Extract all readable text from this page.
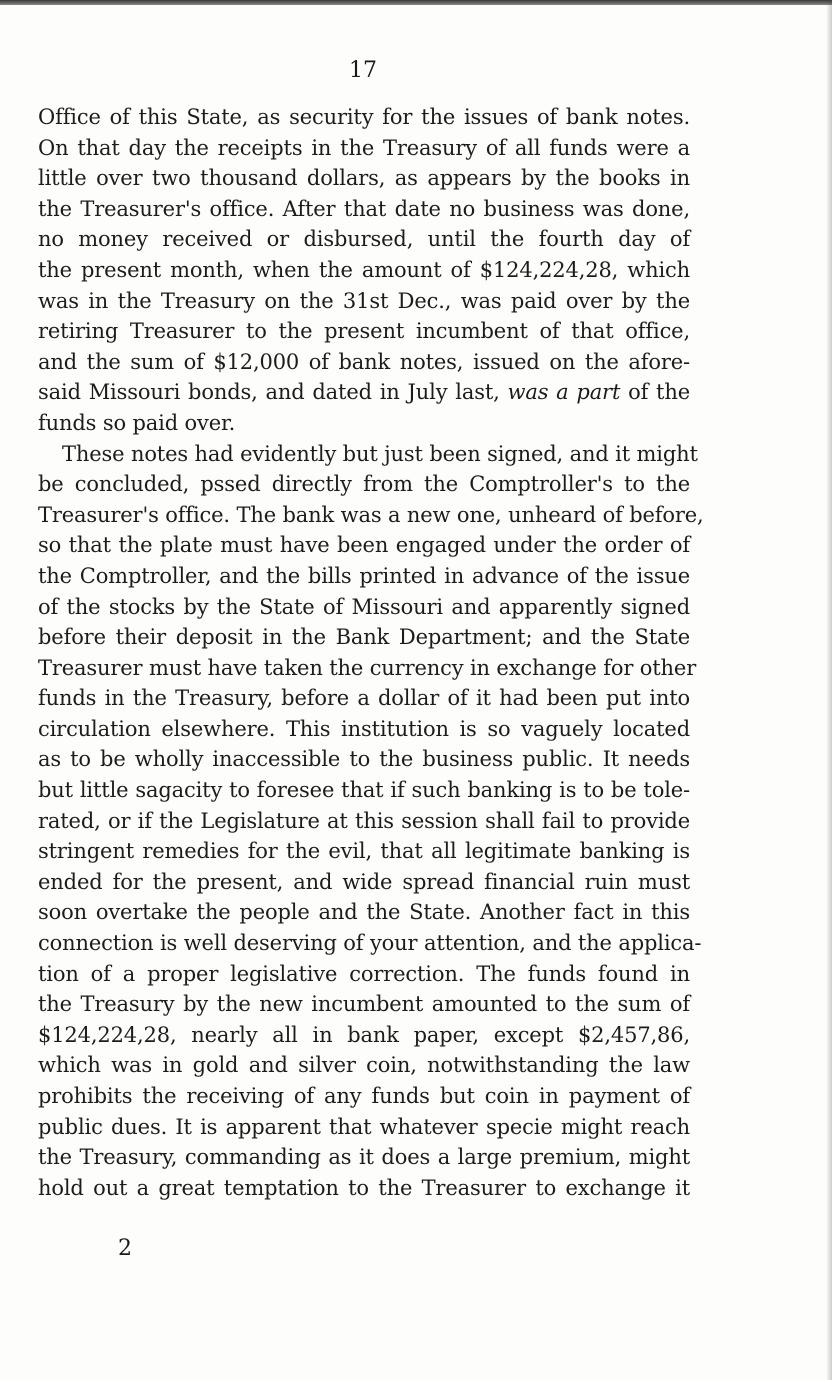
17
Office of this State, as security for the issues of bank notes.
On that day the receipts in the Treasury of all funds were a
little over two thousand dollars, as appears by the books in
the Treasurer's office. After that date no business was done,
no money received or disbursed, until the fourth day of
the present month, when the amount of $124,224,28, which
was in the Treasury on the 31st Dec., was paid over by the
retiring Treasurer to the present incumbent of that office,
and the sum of $12,000 of bank notes, issued on the afore-
said Missouri bonds, and dated in July last, was a part of the
funds so paid over.
These notes had evidently but just been signed, and it might
be concluded, pssed directly from the Comptroller's to the
Treasurer's office. The bank was a new one, unheard of before,
so that the plate must have been engaged under the order of
the Comptroller, and the bills printed in advance of the issue
of the stocks by the State of Missouri and apparently signed
before their deposit in the Bank Department; and the State
Treasurer must have taken the currency in exchange for other
funds in the Treasury, before a dollar of it had been put into
circulation elsewhere. This institution is so vaguely located
as to be wholly inaccessible to the business public. It needs
but little sagacity to foresee that if such banking is to be tole-
rated, or if the Legislature at this session shall fail to provide
stringent remedies for the evil, that all legitimate banking is
ended for the present, and wide spread financial ruin must
soon overtake the people and the State. Another fact in this
connection is well deserving of your attention, and the applica-
tion of a proper legislative correction. The funds found in
the Treasury by the new incumbent amounted to the sum of
$124,224,28, nearly all in bank paper, except $2,457,86,
which was in gold and silver coin, notwithstanding the law
prohibits the receiving of any funds but coin in payment of
public dues. It is apparent that whatever specie might reach
the Treasury, commanding as it does a large premium, might
hold out a great temptation to the Treasurer to exchange it
2
